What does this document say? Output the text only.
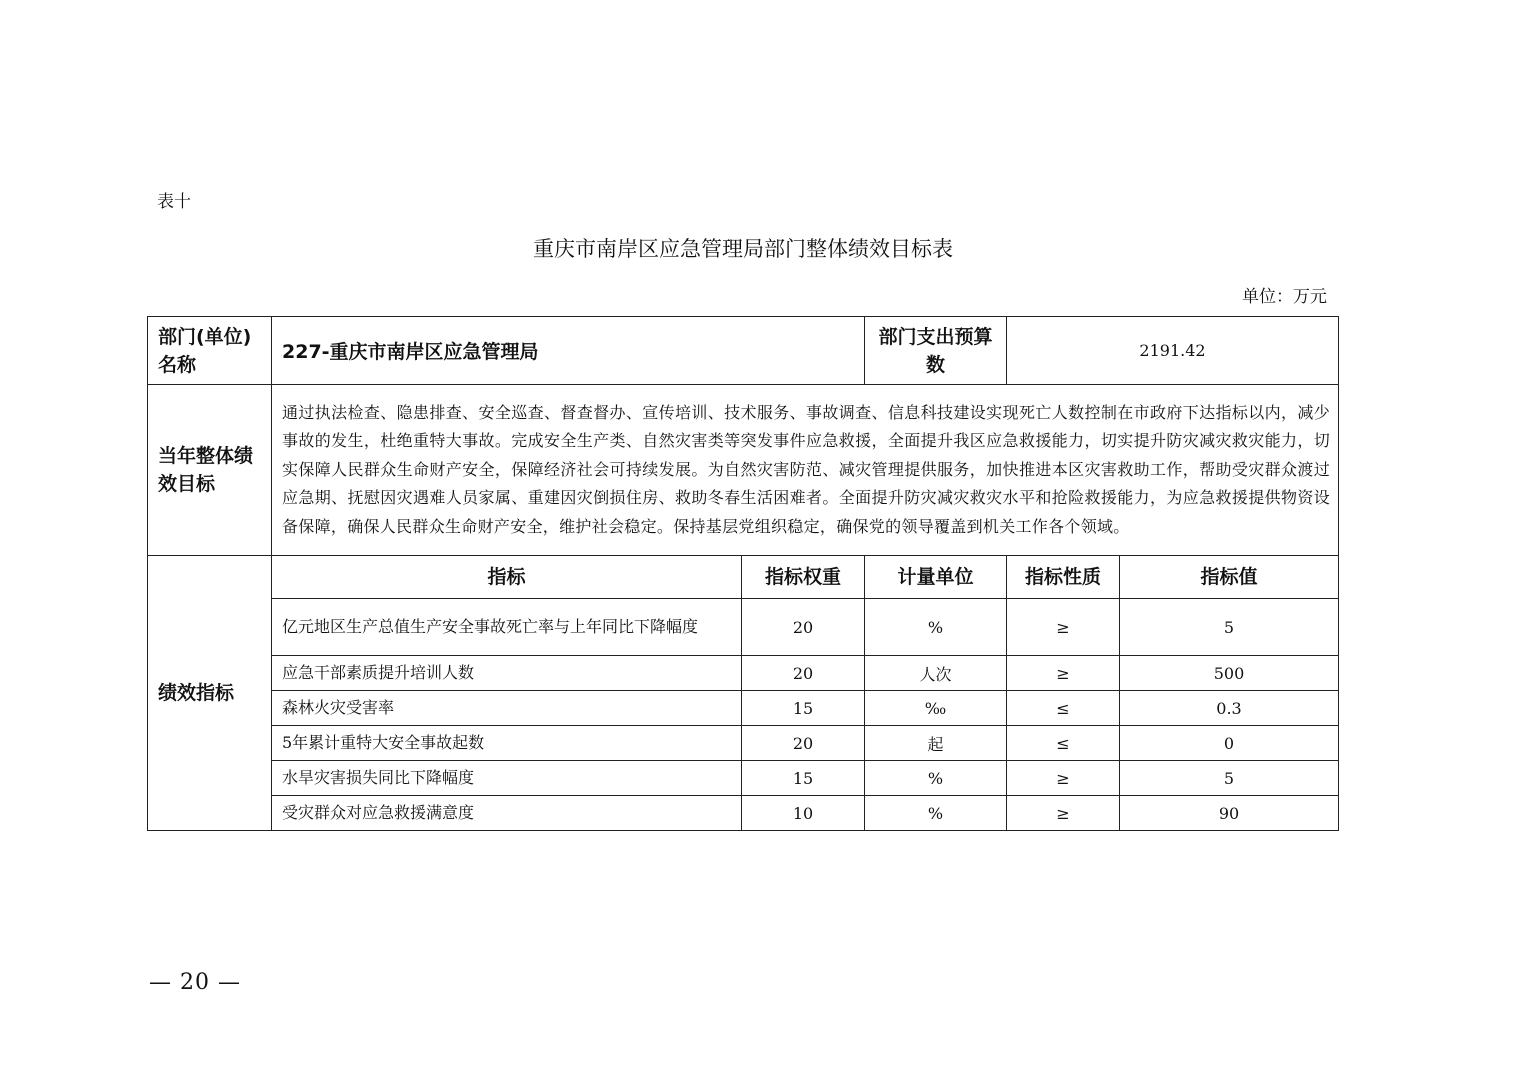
表十
重庆市南岸区应急管理局部门整体绩效目标表
单位：万元
部门(单位)名称	227-重庆市南岸区应急管理局		部门支出预算数	2191.42	
当年整体绩效目标	通过执法检查、隐患排查、安全巡查、督查督办、宣传培训、技术服务、事故调查、信息科技建设实现死亡人数控制在市政府下达指标以内，减少事故的发生，杜绝重特大事故。完成安全生产类、自然灾害类等突发事件应急救援，全面提升我区应急救援能力，切实提升防灾减灾救灾能力，切实保障人民群众生命财产安全，保障经济社会可持续发展。为自然灾害防范、减灾管理提供服务，加快推进本区灾害救助工作，帮助受灾群众渡过应急期、抚慰因灾遇难人员家属、重建因灾倒损住房、救助冬春生活困难者。全面提升防灾减灾救灾水平和抢险救援能力，为应急救援提供物资设备保障，确保人民群众生命财产安全，维护社会稳定。保持基层党组织稳定，确保党的领导覆盖到机关工作各个领域。				
绩效指标	指标	指标权重	计量单位	指标性质	指标值
	亿元地区生产总值生产安全事故死亡率与上年同比下降幅度	20	%	≥	5
	应急干部素质提升培训人数	20	人次	≥	500
	森林火灾受害率	15	‰	≤	0.3
	5年累计重特大安全事故起数	20	起	≤	0
	水旱灾害损失同比下降幅度	15	%	≥	5
	受灾群众对应急救援满意度	10	%	≥	90
— 20 —
